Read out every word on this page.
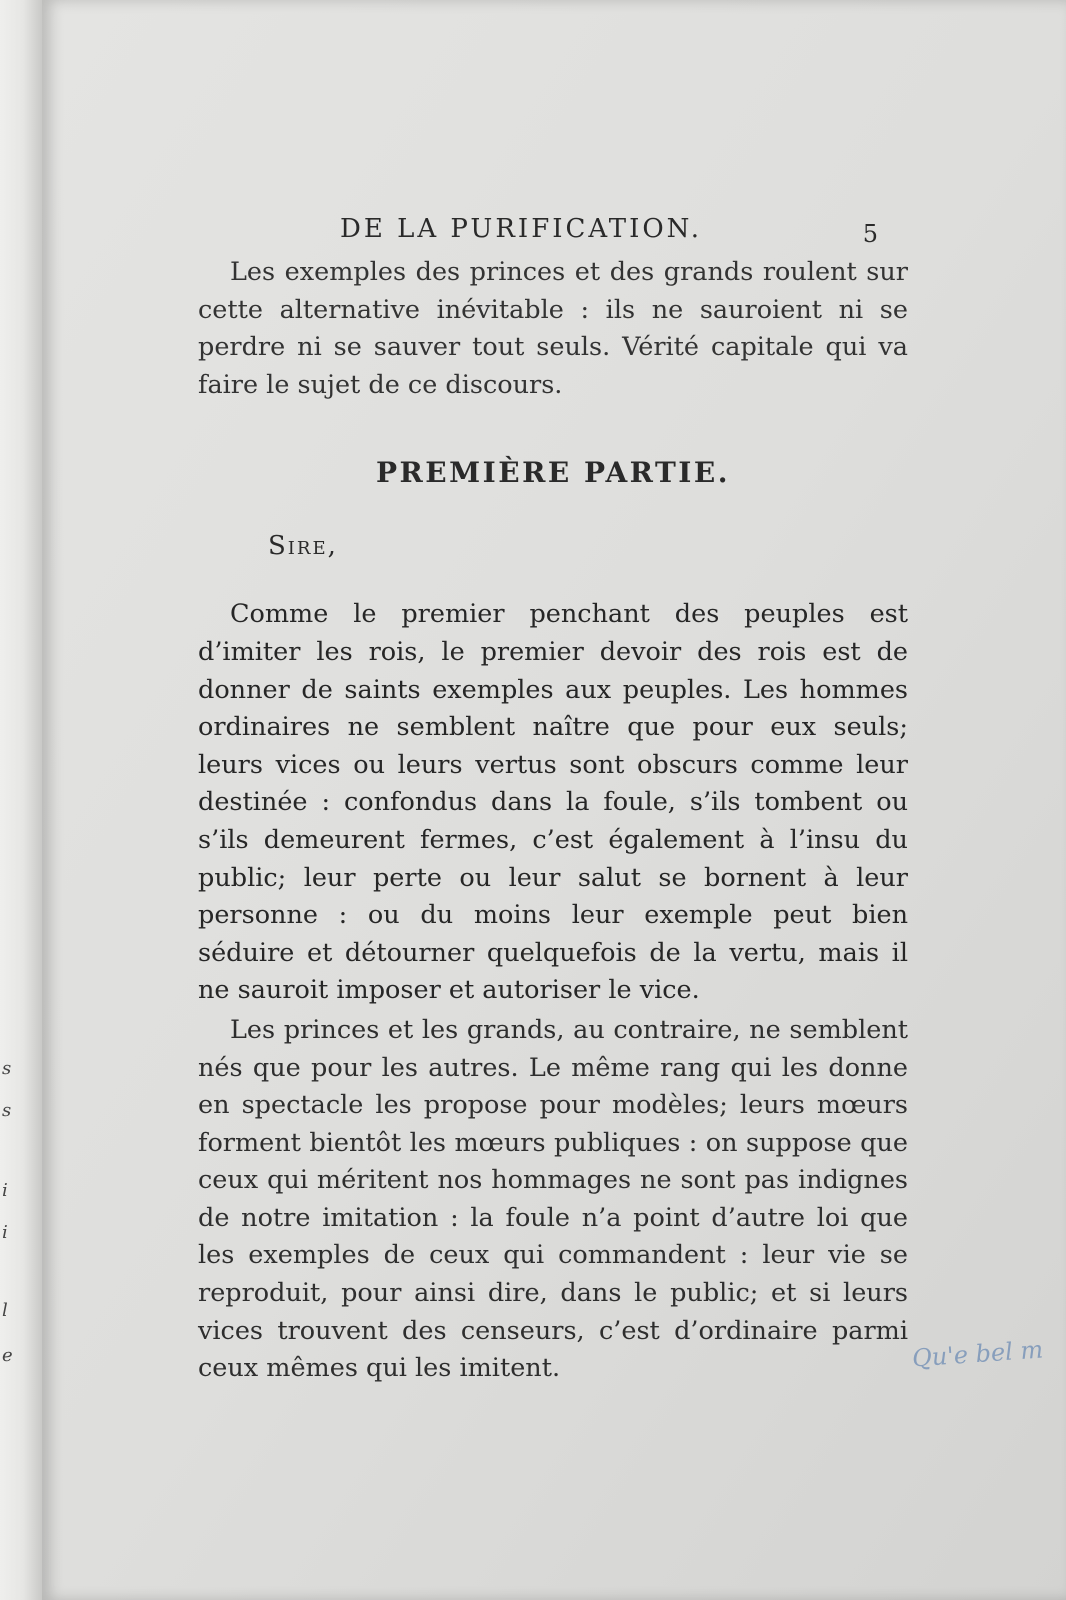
s
s
i
i
l
e
DE LA PURIFICATION.	5

Les exemples des princes et des grands roulent sur cette alternative inévitable : ils ne sauroient ni se perdre ni se sauver tout seuls. Vérité capitale qui va faire le sujet de ce discours.

PREMIÈRE PARTIE.
Sire,

Comme le premier penchant des peuples est d’imiter les rois, le premier devoir des rois est de donner de saints exemples aux peuples. Les hommes ordinaires ne semblent naître que pour eux seuls; leurs vices ou leurs vertus sont obscurs comme leur destinée : confondus dans la foule, s’ils tombent ou s’ils demeurent fermes, c’est également à l’insu du public; leur perte ou leur salut se bornent à leur personne : ou du moins leur exemple peut bien séduire et détourner quelquefois de la vertu, mais il ne sauroit imposer et autoriser le vice.

Les princes et les grands, au contraire, ne semblent nés que pour les autres. Le même rang qui les donne en spectacle les propose pour modèles; leurs mœurs forment bientôt les mœurs publiques : on suppose que ceux qui méritent nos hommages ne sont pas indignes de notre imitation : la foule n’a point d’autre loi que les exemples de ceux qui commandent : leur vie se reproduit, pour ainsi dire, dans le public; et si leurs vices trouvent des censeurs, c’est d’ordinaire parmi ceux mêmes qui les imitent.	Qu'e bel m
